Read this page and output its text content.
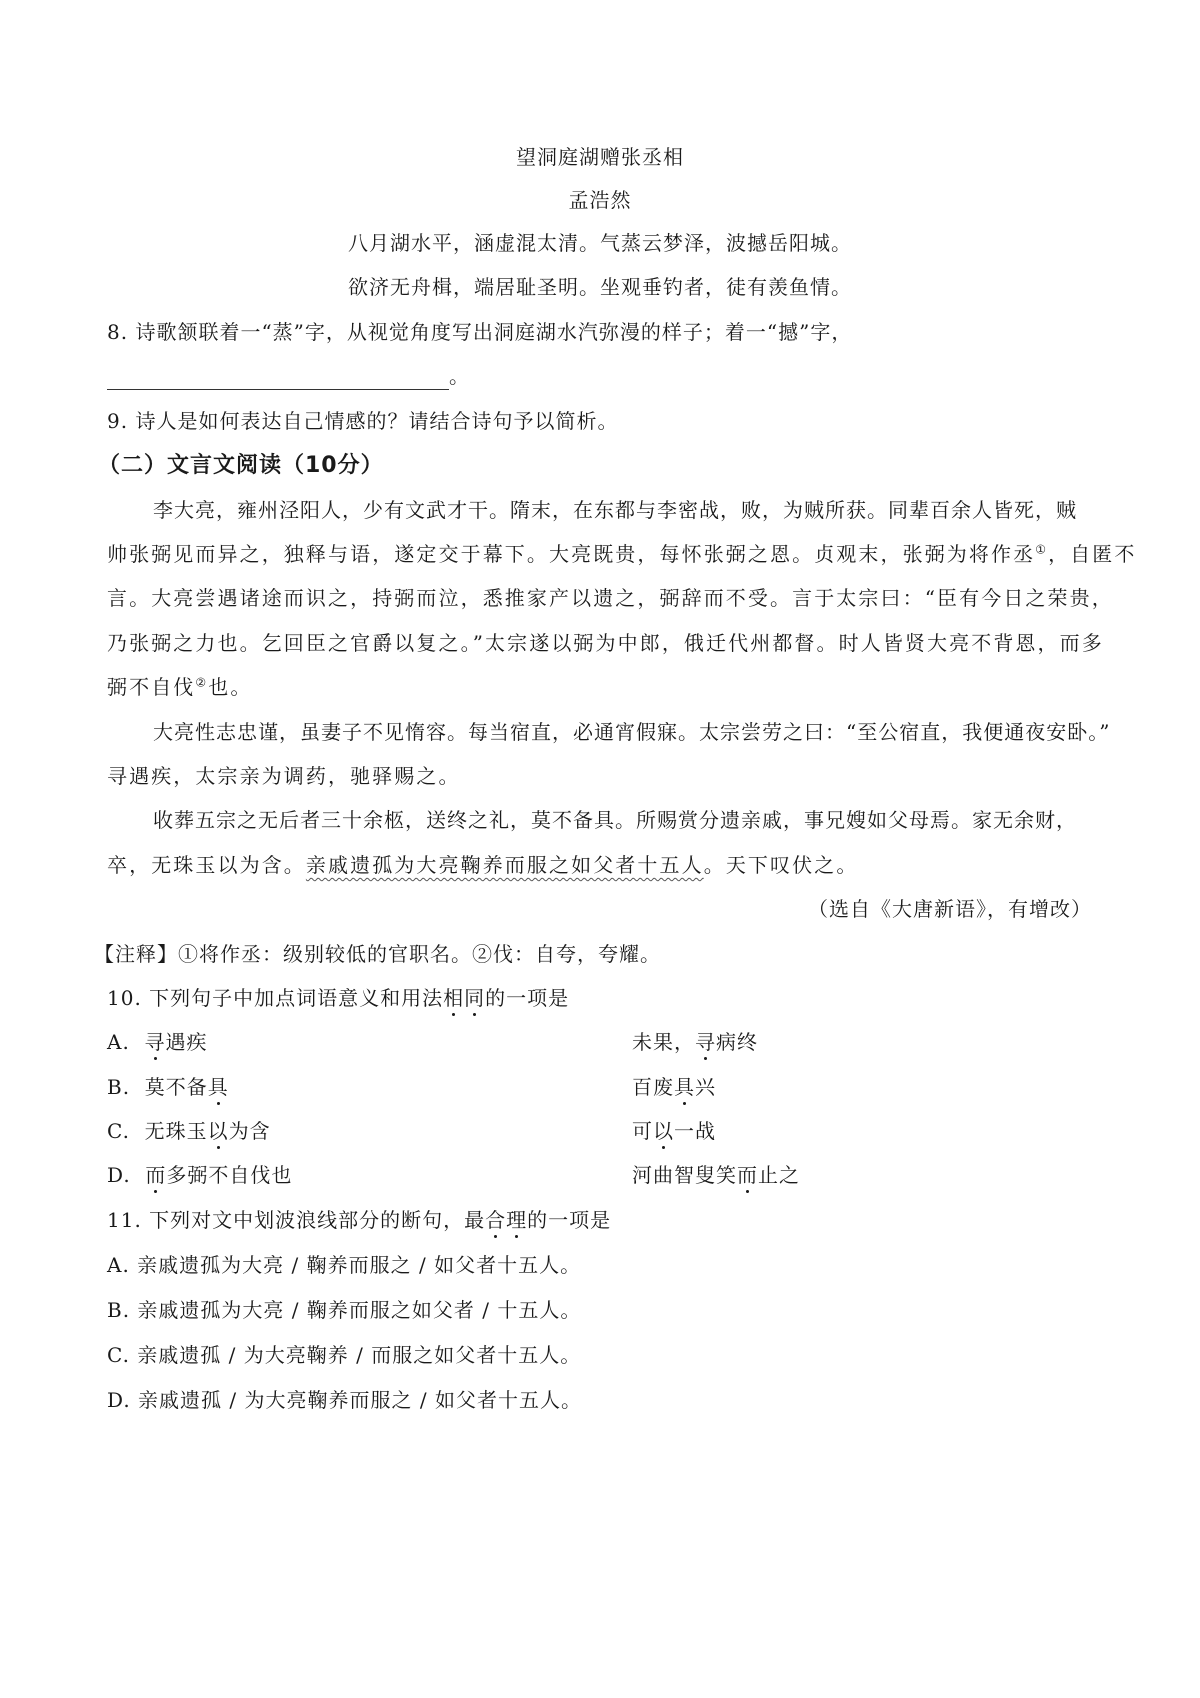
望洞庭湖赠张丞相
孟浩然
八月湖水平，涵虚混太清。气蒸云梦泽，波撼岳阳城。
欲济无舟楫，端居耻圣明。坐观垂钓者，徒有羡鱼情。
8. 诗歌颔联着一“蒸”字，从视觉角度写出洞庭湖水汽弥漫的样子；着一“撼”字，
。
9. 诗人是如何表达自己情感的？请结合诗句予以简析。
（二）文言文阅读（10分）
李大亮，雍州泾阳人，少有文武才干。隋末，在东都与李密战，败，为贼所获。同辈百余人皆死，贼
帅张弼见而异之，独释与语，遂定交于幕下。大亮既贵，每怀张弼之恩。贞观末，张弼为将作丞①，自匿不
言。大亮尝遇诸途而识之，持弼而泣，悉推家产以遗之，弼辞而不受。言于太宗曰：“臣有今日之荣贵，
乃张弼之力也。乞回臣之官爵以复之。”太宗遂以弼为中郎，俄迁代州都督。时人皆贤大亮不背恩，而多
弼不自伐②也。
大亮性志忠谨，虽妻子不见惰容。每当宿直，必通宵假寐。太宗尝劳之曰：“至公宿直，我便通夜安卧。”
寻遇疾，太宗亲为调药，驰驿赐之。
收葬五宗之无后者三十余柩，送终之礼，莫不备具。所赐赏分遗亲戚，事兄嫂如父母焉。家无余财，
卒，无珠玉以为含。亲戚遗孤为大亮鞠养而服之如父者十五人。天下叹伏之。
（选自《大唐新语》，有增改）
【注释】①将作丞：级别较低的官职名。②伐：自夸，夸耀。
10. 下列句子中加点词语意义和用法相同的一项是
A. 寻遇疾	未果，寻病终
B. 莫不备具	百废具兴
C. 无珠玉以为含	可以一战
D. 而多弼不自伐也	河曲智叟笑而止之
11. 下列对文中划波浪线部分的断句，最合理的一项是
A. 亲戚遗孤为大亮 / 鞠养而服之 / 如父者十五人。
B. 亲戚遗孤为大亮 / 鞠养而服之如父者 / 十五人。
C. 亲戚遗孤 / 为大亮鞠养 / 而服之如父者十五人。
D. 亲戚遗孤 / 为大亮鞠养而服之 / 如父者十五人。
